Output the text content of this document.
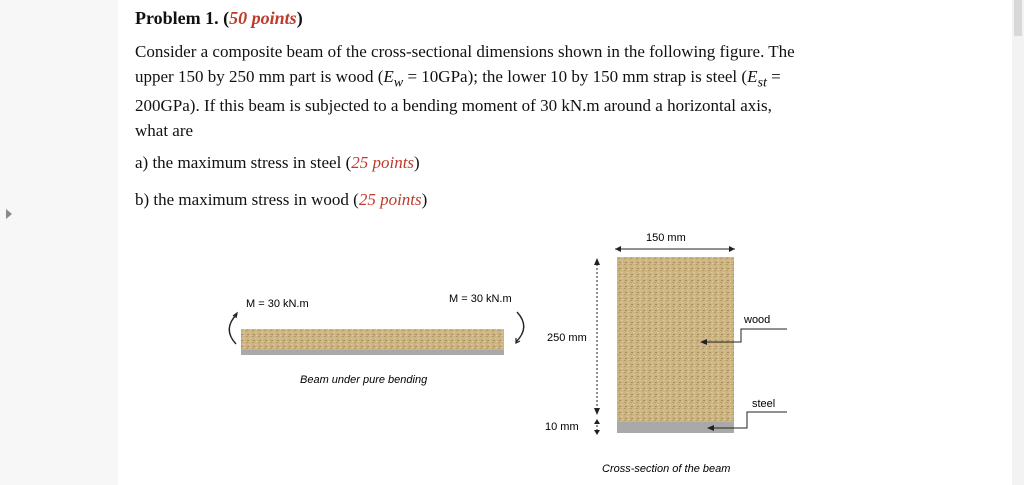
Problem 1. (50 points)

Consider a composite beam of the cross-sectional dimensions shown in the following figure. The

upper 150 by 250 mm part is wood $(E_w = 10GPa)$; the lower 10 by 150 mm strap is steel ($E_{st}$ =

200GPa). If this beam is subjected to a bending moment of 30 kN.m around a horizontal axis,

what are

a) the maximum stress in steel (25 points)
b) the maximum stress in wood (25 points)
M = 30 kN.m	M = 30 kN.m
Beam under pure bending
150 mm
250 mm
10 mm
wood
steel
Cross-section of the beam
